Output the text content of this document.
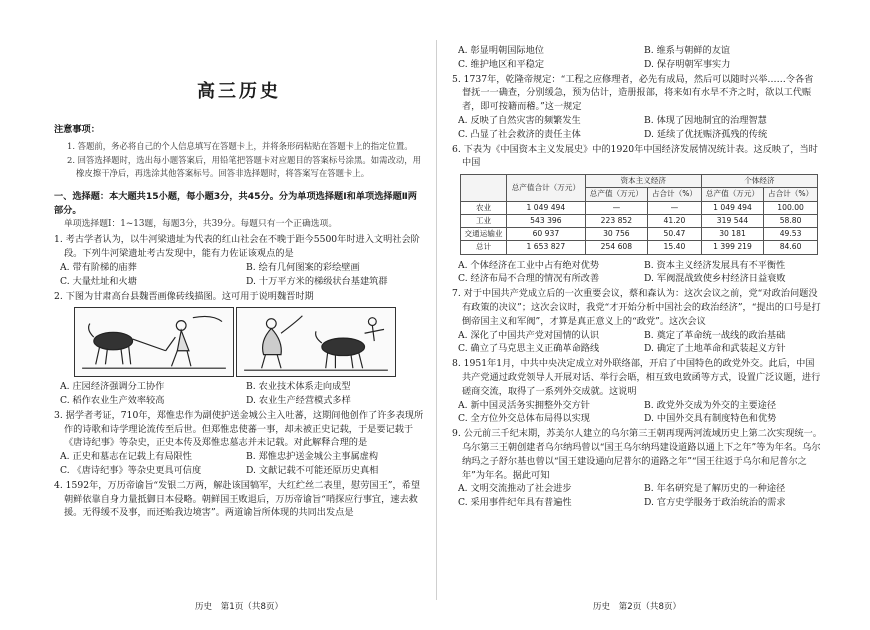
高三历史
注意事项：
1. 答题前，务必将自己的个人信息填写在答题卡上，并将条形码粘贴在答题卡上的指定位置。
2. 回答选择题时，选出每小题答案后，用铅笔把答题卡对应题目的答案标号涂黑。如需改动，用橡皮擦干净后，再选涂其他答案标号。回答非选择题时，将答案写在答题卡上。
一、选择题：本大题共15小题，每小题3分，共45分。分为单项选择题Ⅰ和单项选择题Ⅱ两部分。
单项选择题Ⅰ：1~13题，每题3分，共39分。每题只有一个正确选项。
1. 考古学者认为，以牛河梁遗址为代表的红山社会在不晚于距今5500年时进入文明社会阶段。下列牛河梁遗址考古发现中，能有力佐证该观点的是
A. 带有阶梯的庙葬	B. 绘有几何图案的彩绘壁画
C. 大量灶址和火塘	D. 十万平方米的梯级状台基建筑群
2. 下图为甘肃高台县魏晋画像砖线描图。这可用于说明魏晋时期
A. 庄园经济强调分工协作	B. 农业技术体系走向成型
C. 稻作农业生产效率较高	D. 农业生产经营模式多样
3. 据学者考证，710年，郑惟忠作为副使护送金城公主入吐蕃，这期间他创作了许多表现所作的诗歌和诗学理论流传至后世。但郑惟忠使蕃一事，却未被正史记载，于是要记载于《唐诗纪事》等杂史，正史本传及郑惟忠墓志并未记载。对此解释合理的是
A. 正史和墓志在记载上有局限性	B. 郑惟忠护送金城公主事属虚构
C. 《唐诗纪事》等杂史更具可信度	D. 文献记载不可能还原历史真相
4. 1592年，万历帝谕旨“发银二万两，解赴该国犒军，大红纻丝二表里，慰劳国王”，希望朝鲜依靠自身力量抵御日本侵略。朝鲜国王败退后，万历帝谕旨“哨探应行事宜，速去救援。无得缓不及事，而还贻我边境害”。两道谕旨所体现的共同出发点是
历史　第1页（共8页）
A. 彰显明朝国际地位	B. 维系与朝鲜的友谊
C. 维护地区和平稳定	D. 保存明朝军事实力
5. 1737年，乾隆帝规定：“工程之应修理者，必先有成局，然后可以随时兴举……令各省督抚一一确查，分别缓急，预为估计，造册报部，将来如有水旱不齐之时，欲以工代赈者，即可按籍而稽。”这一规定
A. 反映了自然灾害的频繁发生	B. 体现了因地制宜的治理智慧
C. 凸显了社会救济的责任主体	D. 延续了优抚赈济孤残的传统
6. 下表为《中国资本主义发展史》中的1920年中国经济发展情况统计表。这反映了，当时中国
	总产值合计（万元）	资本主义经济		个体经济	
		总产值（万元）	占合计（%）	总产值（万元）	占合计（%）
农业	1 049 494	—	—	1 049 494	100.00
工业	543 396	223 852	41.20	319 544	58.80
交通运输业	60 937	30 756	50.47	30 181	49.53
总计	1 653 827	254 608	15.40	1 399 219	84.60
A. 个体经济在工业中占有绝对优势	B. 资本主义经济发展具有不平衡性
C. 经济布局不合理的情况有所改善	D. 军阀混战致使乡村经济日益衰败
7. 对于中国共产党成立后的一次重要会议，蔡和森认为：这次会议之前，党“对政治问题没有政策的决议”；这次会议时，我党“才开始分析中国社会的政治经济”，“提出的口号是打倒帝国主义和军阀”，才算是真正意义上的“政党”。这次会议
A. 深化了中国共产党对国情的认识	B. 奠定了革命统一战线的政治基础
C. 确立了马克思主义正确革命路线	D. 确定了土地革命和武装起义方针
8. 1951年1月，中共中央决定成立对外联络部，开启了中国特色的政党外交。此后，中国共产党通过政党领导人开展对话、举行会晤，相互致电致函等方式，设置广泛议题，进行磋商交流，取得了一系列外交成就。这说明
A. 新中国灵活务实拥整外交方针	B. 政党外交成为外交的主要途径
C. 全方位外交总体布局得以实现	D. 中国外交具有制度特色和优势
9. 公元前三千纪末期，苏美尔人建立的乌尔第三王朝再现两河流域历史上第二次实现统一。乌尔第三王朝创建者乌尔纳玛曾以“国王乌尔纳玛建设道路以通上下之年”等为年名。乌尔纳玛之子舒尔基也曾以“国王建设通向尼普尔的道路之年”“国王往返于乌尔和尼普尔之年”为年名。据此可知
A. 文明交流推动了社会进步	B. 年名研究是了解历史的一种途径
C. 采用事件纪年具有普遍性	D. 官方史学服务于政治统治的需求
历史　第2页（共8页）
